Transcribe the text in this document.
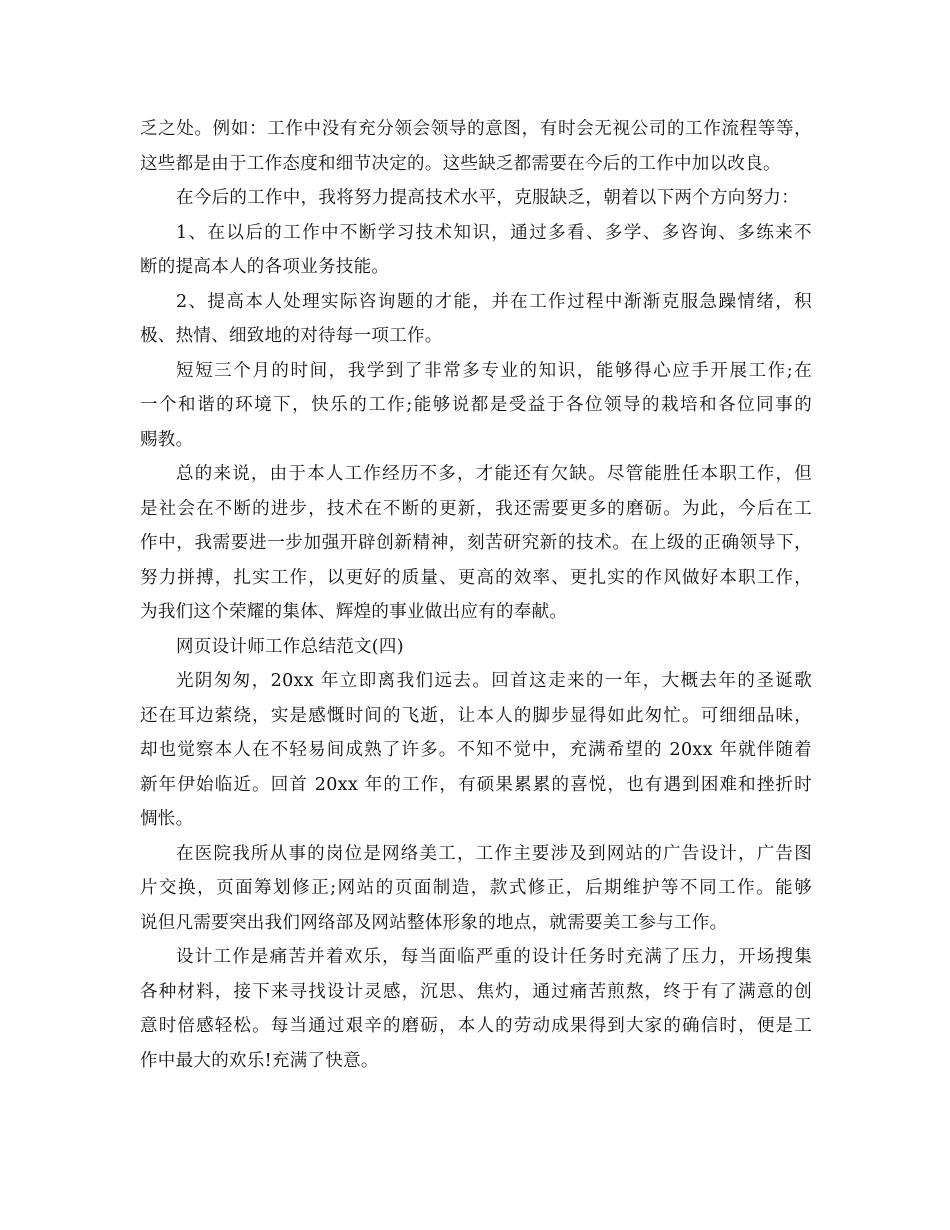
乏之处。例如：工作中没有充分领会领导的意图，有时会无视公司的工作流程等等，
这些都是由于工作态度和细节决定的。这些缺乏都需要在今后的工作中加以改良。
在今后的工作中，我将努力提高技术水平，克服缺乏，朝着以下两个方向努力：
1、在以后的工作中不断学习技术知识，通过多看、多学、多咨询、多练来不
断的提高本人的各项业务技能。
2、提高本人处理实际咨询题的才能，并在工作过程中渐渐克服急躁情绪，积
极、热情、细致地的对待每一项工作。
短短三个月的时间，我学到了非常多专业的知识，能够得心应手开展工作;在
一个和谐的环境下，快乐的工作;能够说都是受益于各位领导的栽培和各位同事的
赐教。
总的来说，由于本人工作经历不多，才能还有欠缺。尽管能胜任本职工作，但
是社会在不断的进步，技术在不断的更新，我还需要更多的磨砺。为此，今后在工
作中，我需要进一步加强开辟创新精神，刻苦研究新的技术。在上级的正确领导下，
努力拼搏，扎实工作，以更好的质量、更高的效率、更扎实的作风做好本职工作，
为我们这个荣耀的集体、辉煌的事业做出应有的奉献。
网页设计师工作总结范文(四)
光阴匆匆，20xx 年立即离我们远去。回首这走来的一年，大概去年的圣诞歌
还在耳边萦绕，实是感慨时间的飞逝，让本人的脚步显得如此匆忙。可细细品味，
却也觉察本人在不轻易间成熟了许多。不知不觉中，充满希望的 20xx 年就伴随着
新年伊始临近。回首 20xx 年的工作，有硕果累累的喜悦，也有遇到困难和挫折时
惆怅。
在医院我所从事的岗位是网络美工，工作主要涉及到网站的广告设计，广告图
片交换，页面筹划修正;网站的页面制造，款式修正，后期维护等不同工作。能够
说但凡需要突出我们网络部及网站整体形象的地点，就需要美工参与工作。
设计工作是痛苦并着欢乐，每当面临严重的设计任务时充满了压力，开场搜集
各种材料，接下来寻找设计灵感，沉思、焦灼，通过痛苦煎熬，终于有了满意的创
意时倍感轻松。每当通过艰辛的磨砺，本人的劳动成果得到大家的确信时，便是工
作中最大的欢乐!充满了快意。
